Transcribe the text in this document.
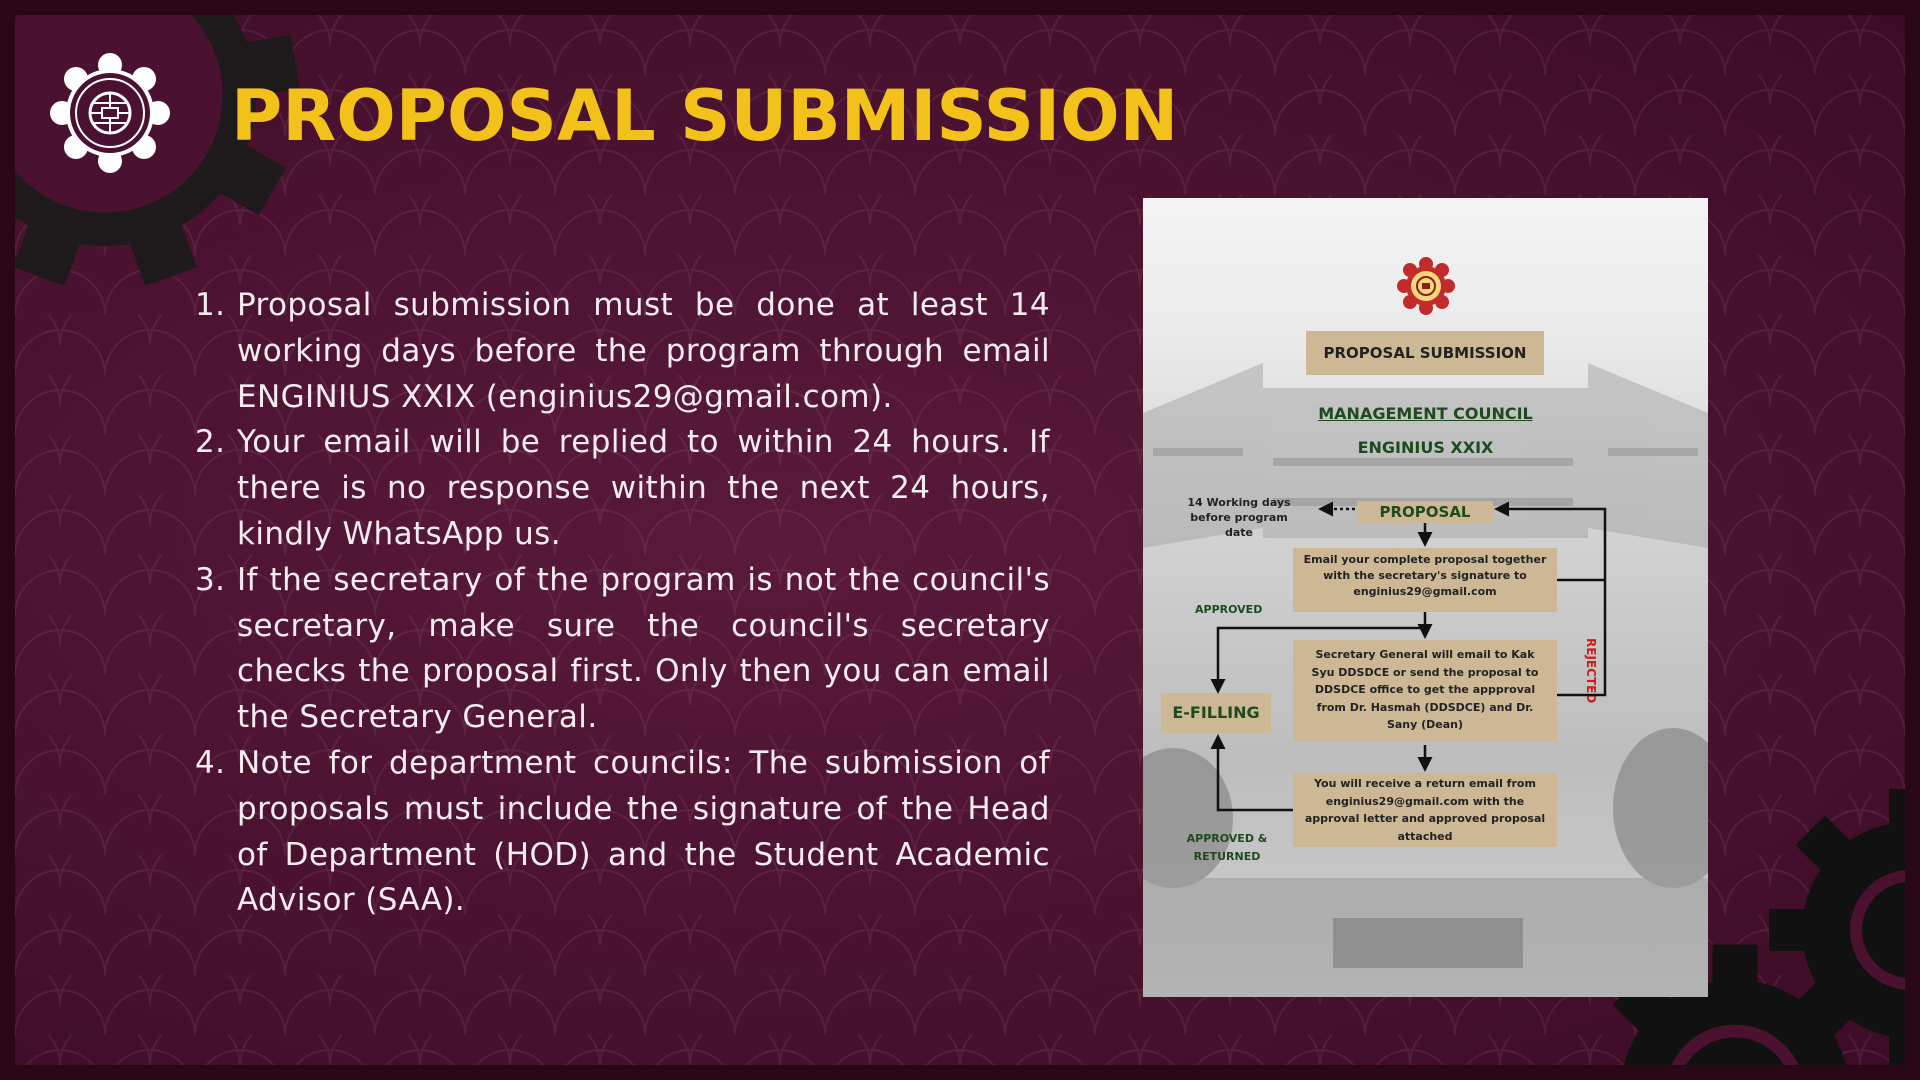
PROPOSAL SUBMISSION
1. Proposal submission must be done at least 14 working days before the program through email ENGINIUS XXIX (enginius29@gmail.com).
2. Your email will be replied to within 24 hours. If there is no response within the next 24 hours, kindly WhatsApp us.
3. If the secretary of the program is not the council's secretary, make sure the council's secretary checks the proposal first. Only then you can email the Secretary General.
4. Note for department councils: The submission of proposals must include the signature of the Head of Department (HOD) and the Student Academic Advisor (SAA).
PROPOSAL SUBMISSION
MANAGEMENT COUNCIL
ENGINIUS XXIX
14 Working days
before program date
PROPOSAL
Email your complete proposal together
with the secretary's signature to
enginius29@gmail.com
APPROVED
REJECTED
Secretary General will email to Kak
Syu DDSDCE or send the proposal to
DDSDCE office to get the appproval
from Dr. Hasmah (DDSDCE) and Dr.
Sany (Dean)
E-FILLING
You will receive a return email from
enginius29@gmail.com with the
approval letter and approved proposal
attached
APPROVED &
RETURNED
